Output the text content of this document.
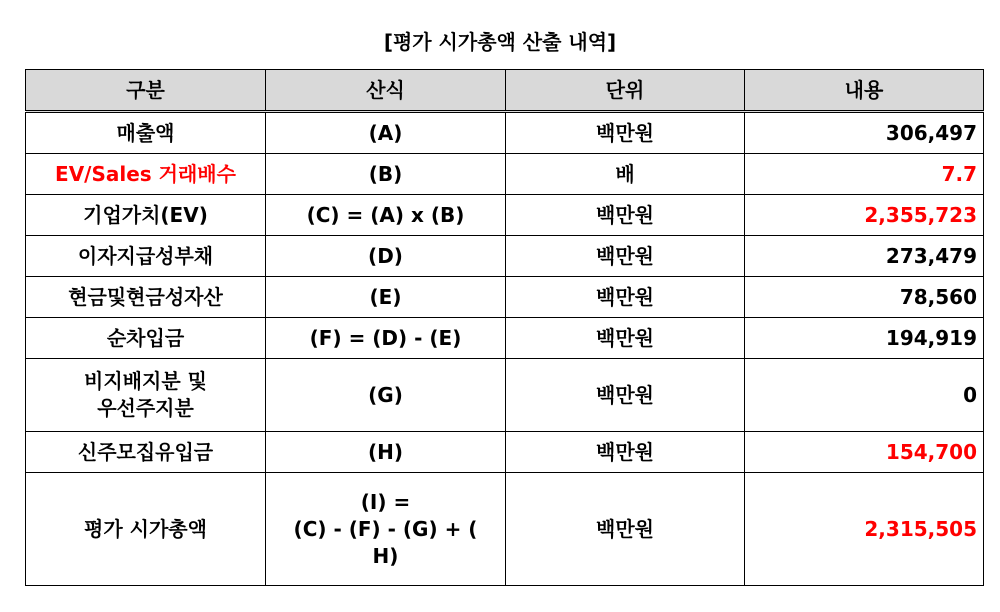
[평가 시가총액 산출 내역]
구분	산식	단위	내용
매출액	(A)	백만원	306,497
EV/Sales 거래배수	(B)	배	7.7
기업가치(EV)	(C) = (A) x (B)	백만원	2,355,723
이자지급성부채	(D)	백만원	273,479
현금및현금성자산	(E)	백만원	78,560
순차입금	(F) = (D) - (E)	백만원	194,919

비지배지분 및
우선주지분	(G)	백만원	0
신주모집유입금	(H)	백만원	154,700
평가 시가총액	(I) =
(C) - (F) - (G) + (
H)	백만원	2,315,505
